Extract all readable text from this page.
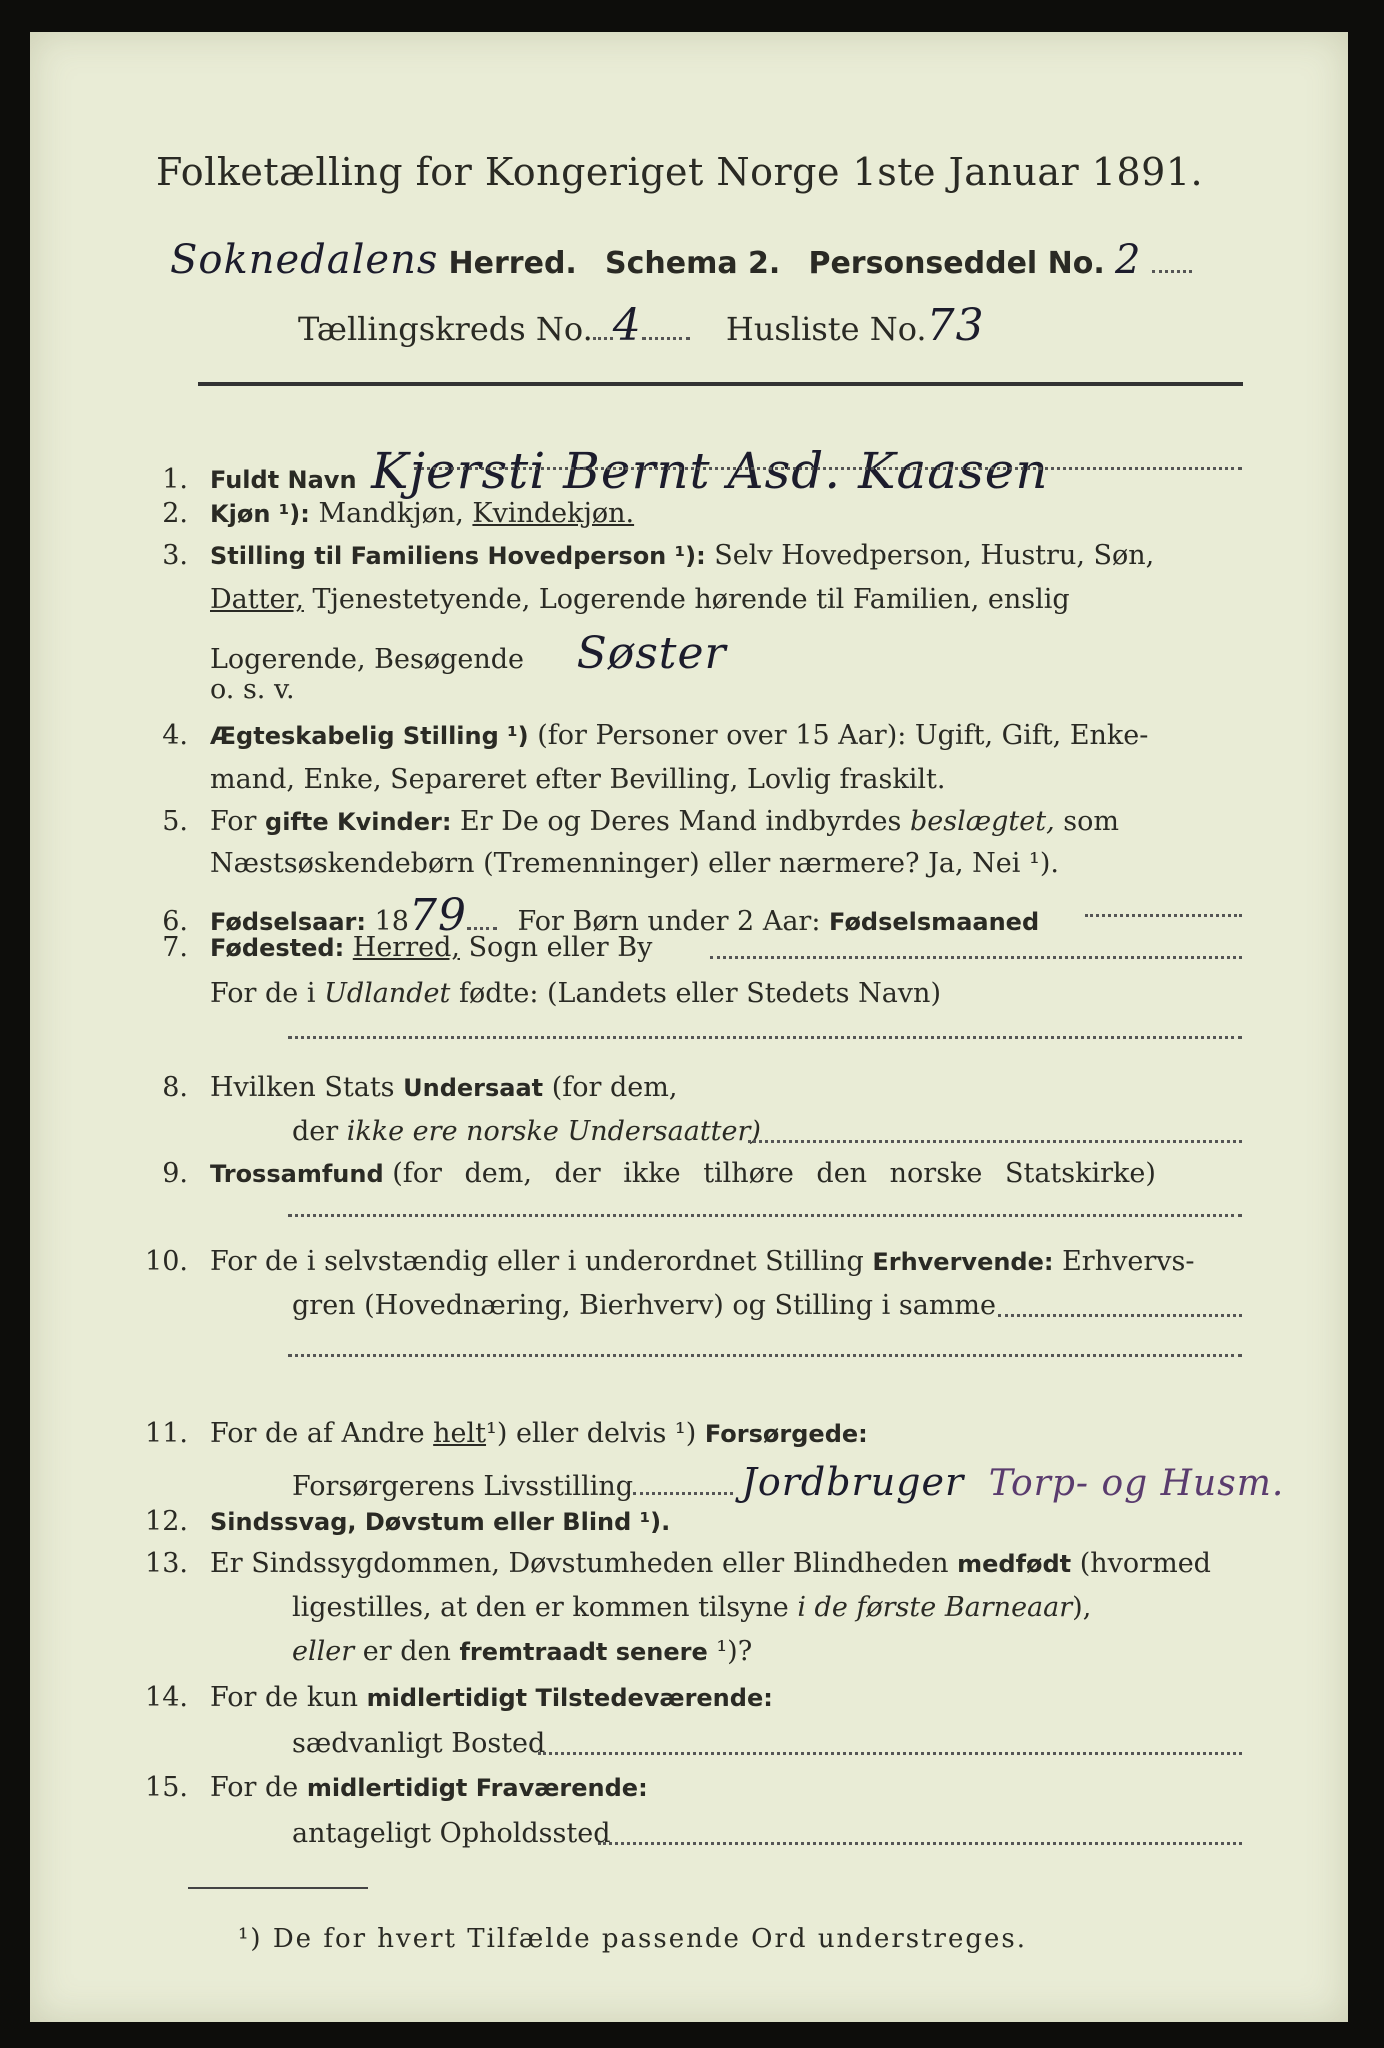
Folketælling for Kongeriget Norge 1ste Januar 1891.
Soknedalens Herred. Schema 2. Personseddel No. 2
Tællingskreds No. 4	Husliste No.73
1. Fuldt Navn Kjersti Bernt Asd. Kaasen
2. Kjøn ¹): Mandkjøn, Kvindekjøn.
3. Stilling til Familiens Hovedperson ¹): Selv Hovedperson, Hustru, Søn,
Datter, Tjenestetyende, Logerende hørende til Familien, enslig
Logerende, Besøgende Søster
o. s. v.
4. Ægteskabelig Stilling ¹) (for Personer over 15 Aar): Ugift, Gift, Enke-
mand, Enke, Separeret efter Bevilling, Lovlig fraskilt.
5. For gifte Kvinder: Er De og Deres Mand indbyrdes beslægtet, som
Næstsøskendebørn (Tremenninger) eller nærmere? Ja, Nei ¹).
6. Fødselsaar: 1879 For Børn under 2 Aar: Fødselsmaaned
7. Fødested: Herred, Sogn eller By
For de i Udlandet fødte: (Landets eller Stedets Navn)
8. Hvilken Stats Undersaat (for dem,
der ikke ere norske Undersaatter)
9. Trossamfund (for dem, der ikke tilhøre den norske Statskirke)
10. For de i selvstændig eller i underordnet Stilling Erhvervende: Erhvervs-
gren (Hovednæring, Bierhverv) og Stilling i samme
11. For de af Andre helt¹) eller delvis ¹) Forsørgede:
Forsørgerens Livsstilling	Jordbruger Torp- og Husm.
12. Sindssvag, Døvstum eller Blind ¹).
13. Er Sindssygdommen, Døvstumheden eller Blindheden medfødt (hvormed
ligestilles, at den er kommen tilsyne i de første Barneaar),
eller er den fremtraadt senere ¹)?
14. For de kun midlertidigt Tilstedeværende:
sædvanligt Bosted
15. For de midlertidigt Fraværende:
antageligt Opholdssted
¹) De for hvert Tilfælde passende Ord understreges.
